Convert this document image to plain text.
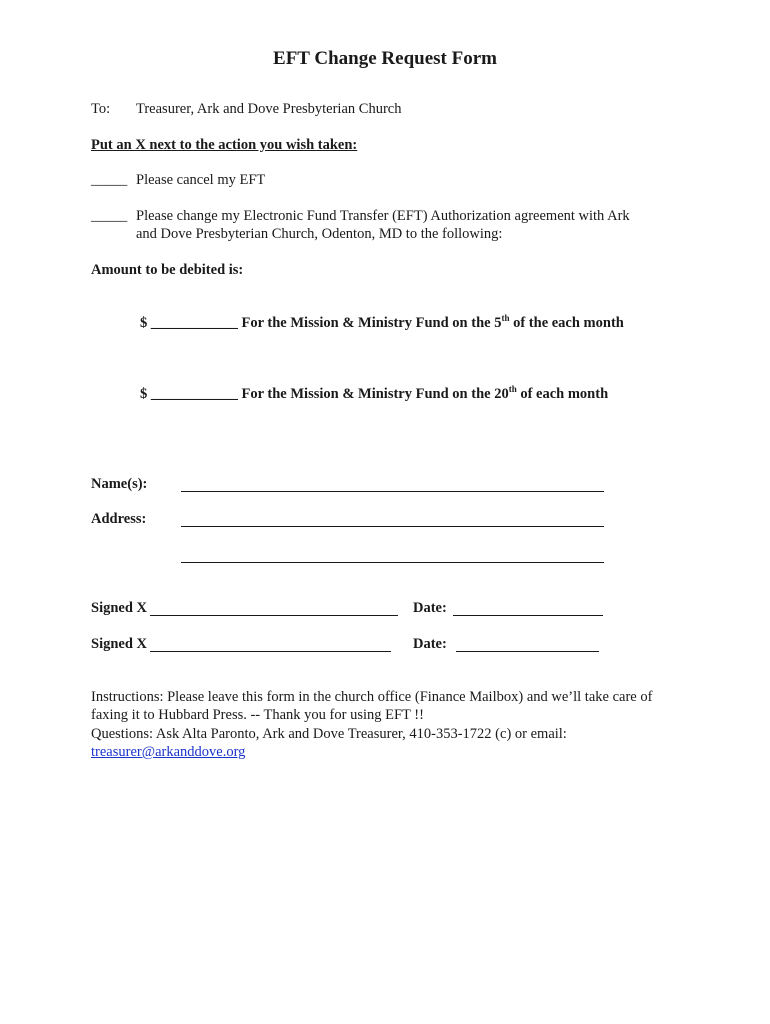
EFT Change Request Form
To: Treasurer, Ark and Dove Presbyterian Church
Put an X next to the action you wish taken:
_____ Please cancel my EFT
_____ Please change my Electronic Fund Transfer (EFT) Authorization agreement with Ark
and Dove Presbyterian Church, Odenton, MD to the following:
Amount to be debited is:
$ ____________ For the Mission & Ministry Fund on the 5th of the each month
$ ____________ For the Mission & Ministry Fund on the 20th of each month
Name(s):
Address:
Signed X	Date:
Signed X	Date:
Instructions: Please leave this form in the church office (Finance Mailbox) and we’ll take care of
faxing it to Hubbard Press. -- Thank you for using EFT !!
Questions: Ask Alta Paronto, Ark and Dove Treasurer, 410-353-1722 (c) or email:
treasurer@arkanddove.org
